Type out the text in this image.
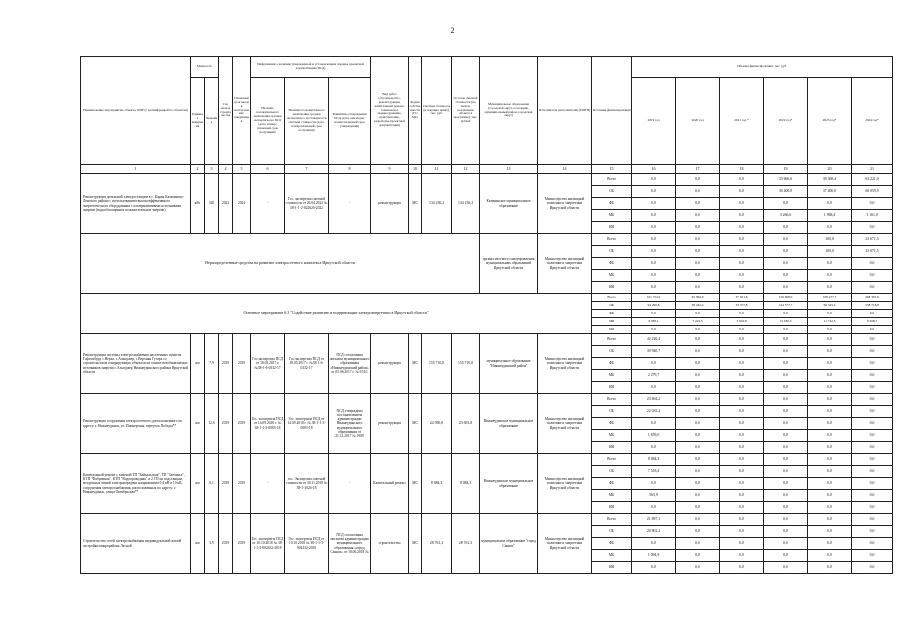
2
Наименование мероприятия, объекта, ПИР (с расшифровкой по объектам)	Мощность		Год начала строительства	Плановый срок ввода в эксплуатацию/завершения	Информация о наличии утвержденной и установленном порядке проектной документации (ПСД)			Вид работ (строительство, реконструкция, капитальный ремонт, техническое перевооружение, приобретение, разработка проектной документации)	Форма собственности (ГС/МС)	Сметная стоимость (в текущих ценах), тыс. руб.	Остаток сметной стоимости (на начало реализации объекта в программе), тыс. рублей	Муниципальное образование (городской округ, поселение, муниципальный район, городской округ)	Исполнитель (исполнители) (ИОГВ)	Источник финансирования	Объемы финансирования, тыс. руб.					
	Единица измерения	Значение			Наличие положительного заключения органов экспертизы на ПСД (дата, номер/плановый срок получения)	Наличие положительного заключения органов экспертизы о достоверности сметной стоимости (дата, номер/плановый срок получения)	Реквизиты утверждения ПСД (дата, кем издан, номер/плановый срок утверждения)								2019 год	2020 год	2021 год *	2022 год*	2023 год*	2024 год*
1	2	3	4	5	6	7	8	9	10	11	12	13	14	15	16	17	18	19	20	21
Реконструкция дизельной электростанции в с. Карам Казачинско-Ленского района с использованием высокоэффективного энергетического оборудования с альтернативными источниками энергии (водообогащенное вспомогательное энергии)	кВт	320	2022	2024	-	Гос. экспертиза сметной стоимости от 26.04.2022 № 38-1-1-2-022620-2022	-	реконструкция	МС	134 236,2	134 236,2	Казачинское муниципальное образование	Министерство жилищной политики и энергетики Иркутской области	Всего	0,0	0,0	0,0	33 666,6	39 368,4	63 221,0
														ОБ	0,0	0,0	0,0	30 400,0	37 400,0	60 059,9
														ФБ	0,0	0,0	0,0	0,0	0,0	0,0
														МБ	0,0	0,0	0,0	3 266,6	1 968,4	3 161,0
														ИИ	0,0	0,0	0,0	0,0	0,0	0,0
Нераспределенные средства на развитие электросетевого комплекса Иркутской области												органы местного самоуправления муниципальных образований Иркутской области	Министерство жилищной политики и энергетики Иркутской области	Всего	0,0	0,0	0,0	0,0	100,0	23 671,5
														ОБ	0,0	0,0	0,0	0,0	100,0	23 671,5
														ФБ	0,0	0,0	0,0	0,0	0,0	0,0
														МБ	0,0	0,0	0,0	0,0	0,0	0,0
														ИИ	0,0	0,0	0,0	0,0	0,0	0,0
Основное мероприятие 6.3 "Содействие развитию и модернизации электроэнергетики в Иркутской области"														Всего	101 752,0	65 566,9	37 021,6	159 608,0	108 277,7	268 367,6
														ОБ	94 290,8	58 242,4	33 377,8	144 577,7	96 545,2	258 718,8
														ФБ	0,0	0,0	0,0	0,0	0,0	0,0
														МБ	6 083,1	7 224,5	3 643,8	15 030,3	11 732,5	9 568,7
														ИИ	0,0	0,0	0,0	0,0	0,0	0,0
Реконструкция системы электроснабжения населенных пунктов Гофтонбурд с.Нерха, с.Алыгджер, с.Верхняя Гутара со строительством генерирующих объектов на основе возобновляемых источников энергии с.Алыгджер Нижнеудинского района Иркутской области	км	7,9	2019	2019	Гос.экспертиза ПСД от 18.05.2017 г. №38-1-6-0332-17	Гос.экспертиза ПСД от 18.05.2017 г. №38-1-6-0332-17	ПСД согласована письмом муниципального образования «Нижнеудинский район» от 05.06.2017 г. № 674/1	реконструкция	МС	155 710,0	155 710,0	муниципальное образование "Нижнеудинский район"	Министерство жилищной политики и энергетики Иркутской области	Всего	42 220,4	0,0	0,0	0,0	0,0	0,0
														ОБ	39 940,7	0,0	0,0	0,0	0,0	0,0
														ФБ	0,0	0,0	0,0	0,0	0,0	0,0
														МБ	2 279,7	0,0	0,0	0,0	0,0	0,0
														ИИ	0,0	0,0	0,0	0,0	0,0	0,0
Реконструкция сооружения электросетевого, расположенного по адресу: г. Нижнеудинск, ул. Пионерская, переулок Победы**	км	12,6	2019	2019	Гос. экспертиза ПСД от 14.09.2018 г. № 38-1-1-3-0083-18	Гос. экспертиза ПСД от 14.09.2018 г. № 38-1-1-3-0083-18	ПСД утверждена постановлением администрации Нижнеудинского муниципального образования от 21.12.2017 № 1909	реконструкция	МС	24 590,0	23 693,8	Нижнеудинское муниципальное образование	Министерство жилищной политики и энергетики Иркутской области	Всего	23 694,2	0,0	0,0	0,0	0,0	0,0
														ОБ	22 035,2	0,0	0,0	0,0	0,0	0,0
														ФБ	0,0	0,0	0,0	0,0	0,0	0,0
														МБ	1 659,0	0,0	0,0	0,0	0,0	0,0
														ИИ	0,0	0,0	0,0	0,0	0,0	0,0
Капитальный ремонт с заменой ТП "Байкальская", ТП "Заоченье", КТП "Фабричная", КТП "Водопроводная" и 2 ТП на подстанции, воздушных линий электропередачи напряжением 0,4 кВ и 10 кВ, сооружения электроснабжения, расположенных по адресу: г. Нижнеудинск, улица Октябрьская**	км	6,1	2018	2019	-	гос. Экспертиза сметной стоимости от 30.11.2018 № 38-1-1024-18	-	Капитальный ремонт	МС	8 084,3	8 084,3	Нижнеудинское муниципальное образование	Министерство жилищной политики и энергетики Иркутской области	Всего	8 084,3	0,0	0,0	0,0	0,0	0,0
														ОБ	7 518,4	0,0	0,0	0,0	0,0	0,0
														ФБ	0,0	0,0	0,0	0,0	0,0	0,0
														МБ	565,9	0,0	0,0	0,0	0,0	0,0
														ИИ	0,0	0,0	0,0	0,0	0,0	0,0
Строительство сетей электроснабжения индивидуальной жилой застройки микрорайона Лесной	км	3,9	2019	2019	Гос. экспертиза ПСД от 10.10.2018 № 38-1-1-3-002432-2018	Гос. экспертиза ПСД от 10.10.2018 № 38-1-1-3-002432-2018	ПСД согласована письмом администрации муниципального образования «город Саянск» от 18.06.2018 №	строительство	МС	28 761,3	28 761,3	муниципальное образование "город Саянск"	Министерство жилищной политики и энергетики Иркутской области	Всего	21 897,1	0,0	0,0	0,0	0,0	0,0
														ОБ	20 802,2	0,0	0,0	0,0	0,0	0,0
														ФБ	0,0	0,0	0,0	0,0	0,0	0,0
														МБ	1 094,9	0,0	0,0	0,0	0,0	0,0
														ИИ	0,0	0,0	0,0	0,0	0,0	0,0
